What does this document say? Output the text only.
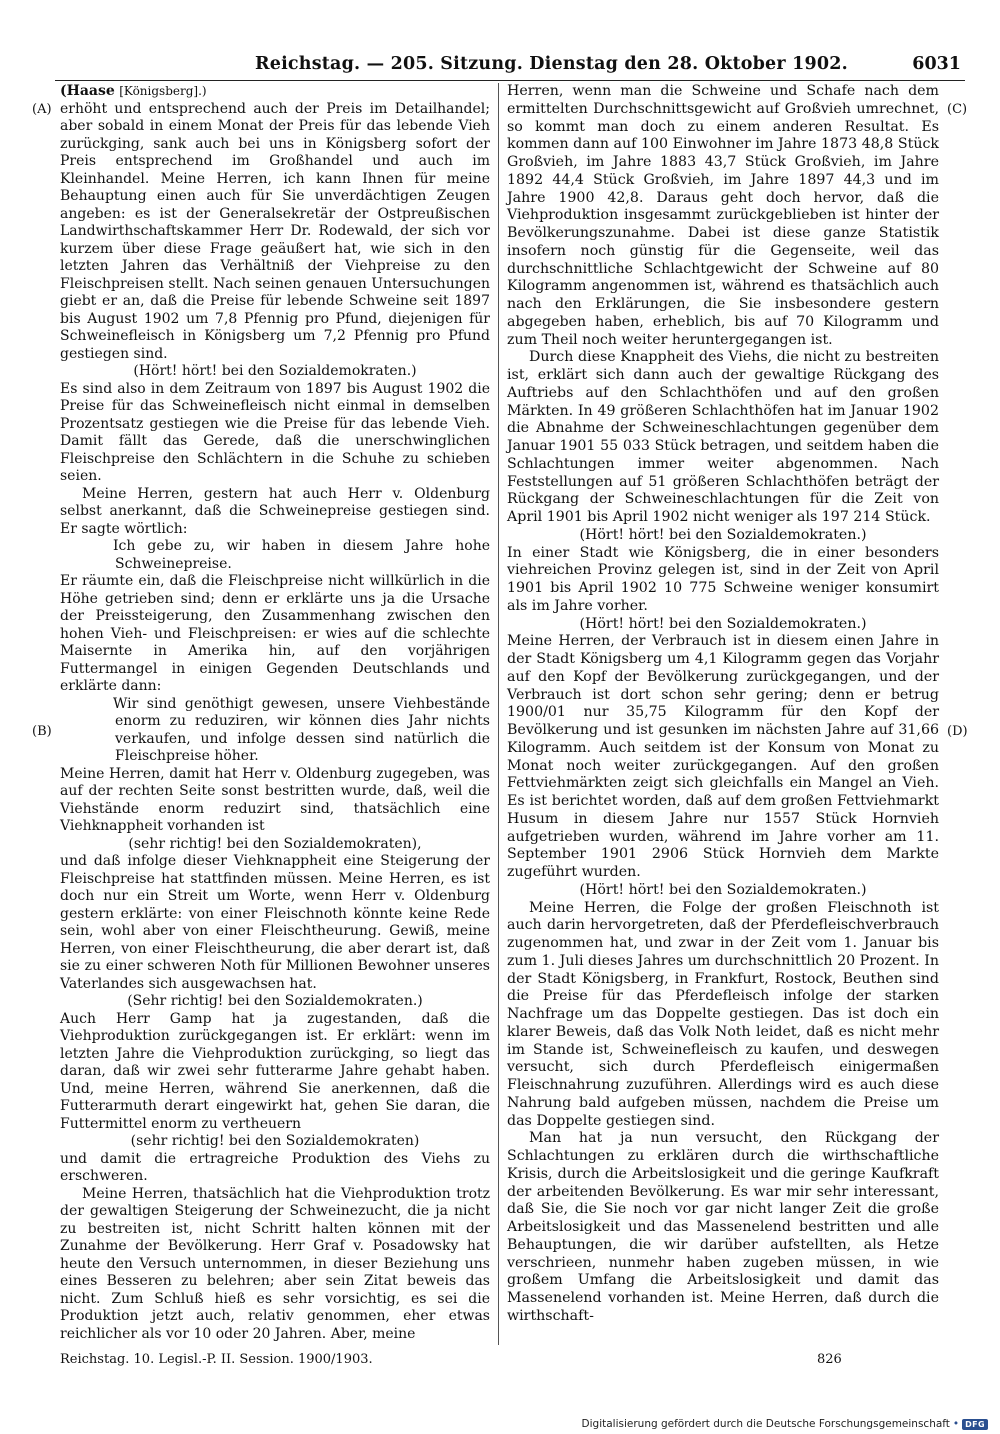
Reichstag. — 205. Sitzung. Dienstag den 28. Oktober 1902.	6031
(A)
(B)
(C)
(D)

(Haase [Königsberg].)

erhöht und entsprechend auch der Preis im Detailhandel; aber sobald in einem Monat der Preis für das lebende Vieh zurückging, sank auch bei uns in Königsberg sofort der Preis entsprechend im Großhandel und auch im Kleinhandel. Meine Herren, ich kann Ihnen für meine Behauptung einen auch für Sie unverdächtigen Zeugen angeben: es ist der Generalsekretär der Ostpreußischen Landwirthschaftskammer Herr Dr. Rodewald, der sich vor kurzem über diese Frage geäußert hat, wie sich in den letzten Jahren das Verhältniß der Viehpreise zu den Fleischpreisen stellt. Nach seinen genauen Untersuchungen giebt er an, daß die Preise für lebende Schweine seit 1897 bis August 1902 um 7,8 Pfennig pro Pfund, diejenigen für Schweinefleisch in Königsberg um 7,2 Pfennig pro Pfund gestiegen sind.

(Hört! hört! bei den Sozialdemokraten.)

Es sind also in dem Zeitraum von 1897 bis August 1902 die Preise für das Schweinefleisch nicht einmal in demselben Prozentsatz gestiegen wie die Preise für das lebende Vieh. Damit fällt das Gerede, daß die unerschwinglichen Fleischpreise den Schlächtern in die Schuhe zu schieben seien.

Meine Herren, gestern hat auch Herr v. Oldenburg selbst anerkannt, daß die Schweinepreise gestiegen sind. Er sagte wörtlich:

Ich gebe zu, wir haben in diesem Jahre hohe Schweinepreise.

Er räumte ein, daß die Fleischpreise nicht willkürlich in die Höhe getrieben sind; denn er erklärte uns ja die Ursache der Preissteigerung, den Zusammenhang zwischen den hohen Vieh- und Fleischpreisen: er wies auf die schlechte Maisernte in Amerika hin, auf den vorjährigen Futtermangel in einigen Gegenden Deutschlands und erklärte dann:

Wir sind genöthigt gewesen, unsere Viehbestände enorm zu reduziren, wir können dies Jahr nichts verkaufen, und infolge dessen sind natürlich die Fleischpreise höher.

Meine Herren, damit hat Herr v. Oldenburg zugegeben, was auf der rechten Seite sonst bestritten wurde, daß, weil die Viehstände enorm reduzirt sind, thatsächlich eine Viehknappheit vorhanden ist

(sehr richtig! bei den Sozialdemokraten),

und daß infolge dieser Viehknappheit eine Steigerung der Fleischpreise hat stattfinden müssen. Meine Herren, es ist doch nur ein Streit um Worte, wenn Herr v. Oldenburg gestern erklärte: von einer Fleischnoth könnte keine Rede sein, wohl aber von einer Fleischtheurung. Gewiß, meine Herren, von einer Fleischtheurung, die aber derart ist, daß sie zu einer schweren Noth für Millionen Bewohner unseres Vaterlandes sich ausgewachsen hat.

(Sehr richtig! bei den Sozialdemokraten.)

Auch Herr Gamp hat ja zugestanden, daß die Viehproduktion zurückgegangen ist. Er erklärt: wenn im letzten Jahre die Viehproduktion zurückging, so liegt das daran, daß wir zwei sehr futterarme Jahre gehabt haben. Und, meine Herren, während Sie anerkennen, daß die Futterarmuth derart eingewirkt hat, gehen Sie daran, die Futtermittel enorm zu vertheuern

(sehr richtig! bei den Sozialdemokraten)

und damit die ertragreiche Produktion des Viehs zu erschweren.

Meine Herren, thatsächlich hat die Viehproduktion trotz der gewaltigen Steigerung der Schweinezucht, die ja nicht zu bestreiten ist, nicht Schritt halten können mit der Zunahme der Bevölkerung. Herr Graf v. Posadowsky hat heute den Versuch unternommen, in dieser Beziehung uns eines Besseren zu belehren; aber sein Zitat beweis das nicht. Zum Schluß hieß es sehr vorsichtig, es sei die Produktion jetzt auch, relativ genommen, eher etwas reichlicher als vor 10 oder 20 Jahren. Aber, meine

Herren, wenn man die Schweine und Schafe nach dem ermittelten Durchschnittsgewicht auf Großvieh umrechnet, so kommt man doch zu einem anderen Resultat. Es kommen dann auf 100 Einwohner im Jahre 1873 48,8 Stück Großvieh, im Jahre 1883 43,7 Stück Großvieh, im Jahre 1892 44,4 Stück Großvieh, im Jahre 1897 44,3 und im Jahre 1900 42,8. Daraus geht doch hervor, daß die Viehproduktion insgesammt zurückgeblieben ist hinter der Bevölkerungszunahme. Dabei ist diese ganze Statistik insofern noch günstig für die Gegenseite, weil das durchschnittliche Schlachtgewicht der Schweine auf 80 Kilogramm angenommen ist, während es thatsächlich auch nach den Erklärungen, die Sie insbesondere gestern abgegeben haben, erheblich, bis auf 70 Kilogramm und zum Theil noch weiter heruntergegangen ist.

Durch diese Knappheit des Viehs, die nicht zu bestreiten ist, erklärt sich dann auch der gewaltige Rückgang des Auftriebs auf den Schlachthöfen und auf den großen Märkten. In 49 größeren Schlachthöfen hat im Januar 1902 die Abnahme der Schweineschlachtungen gegenüber dem Januar 1901 55 033 Stück betragen, und seitdem haben die Schlachtungen immer weiter abgenommen. Nach Feststellungen auf 51 größeren Schlachthöfen beträgt der Rückgang der Schweineschlachtungen für die Zeit von April 1901 bis April 1902 nicht weniger als 197 214 Stück.

(Hört! hört! bei den Sozialdemokraten.)

In einer Stadt wie Königsberg, die in einer besonders viehreichen Provinz gelegen ist, sind in der Zeit von April 1901 bis April 1902 10 775 Schweine weniger konsumirt als im Jahre vorher.

(Hört! hört! bei den Sozialdemokraten.)

Meine Herren, der Verbrauch ist in diesem einen Jahre in der Stadt Königsberg um 4,1 Kilogramm gegen das Vorjahr auf den Kopf der Bevölkerung zurückgegangen, und der Verbrauch ist dort schon sehr gering; denn er betrug 1900/01 nur 35,75 Kilogramm für den Kopf der Bevölkerung und ist gesunken im nächsten Jahre auf 31,66 Kilogramm. Auch seitdem ist der Konsum von Monat zu Monat noch weiter zurückgegangen. Auf den großen Fettviehmärkten zeigt sich gleichfalls ein Mangel an Vieh. Es ist berichtet worden, daß auf dem großen Fettviehmarkt Husum in diesem Jahre nur 1557 Stück Hornvieh aufgetrieben wurden, während im Jahre vorher am 11. September 1901 2906 Stück Hornvieh dem Markte zugeführt wurden.

(Hört! hört! bei den Sozialdemokraten.)

Meine Herren, die Folge der großen Fleischnoth ist auch darin hervorgetreten, daß der Pferdefleischverbrauch zugenommen hat, und zwar in der Zeit vom 1. Januar bis zum 1. Juli dieses Jahres um durchschnittlich 20 Prozent. In der Stadt Königsberg, in Frankfurt, Rostock, Beuthen sind die Preise für das Pferdefleisch infolge der starken Nachfrage um das Doppelte gestiegen. Das ist doch ein klarer Beweis, daß das Volk Noth leidet, daß es nicht mehr im Stande ist, Schweinefleisch zu kaufen, und deswegen versucht, sich durch Pferdefleisch einigermaßen Fleischnahrung zuzuführen. Allerdings wird es auch diese Nahrung bald aufgeben müssen, nachdem die Preise um das Doppelte gestiegen sind.

Man hat ja nun versucht, den Rückgang der Schlachtungen zu erklären durch die wirthschaftliche Krisis, durch die Arbeitslosigkeit und die geringe Kaufkraft der arbeitenden Bevölkerung. Es war mir sehr interessant, daß Sie, die Sie noch vor gar nicht langer Zeit die große Arbeitslosigkeit und das Massenelend bestritten und alle Behauptungen, die wir darüber aufstellten, als Hetze verschrieen, nunmehr haben zugeben müssen, in wie großem Umfang die Arbeitslosigkeit und damit das Massenelend vorhanden ist. Meine Herren, daß durch die wirthschaft-

Reichstag. 10. Legisl.-P. II. Session. 1900/1903.	826
Digitalisierung gefördert durch die Deutsche Forschungsgemeinschaft • DFG
